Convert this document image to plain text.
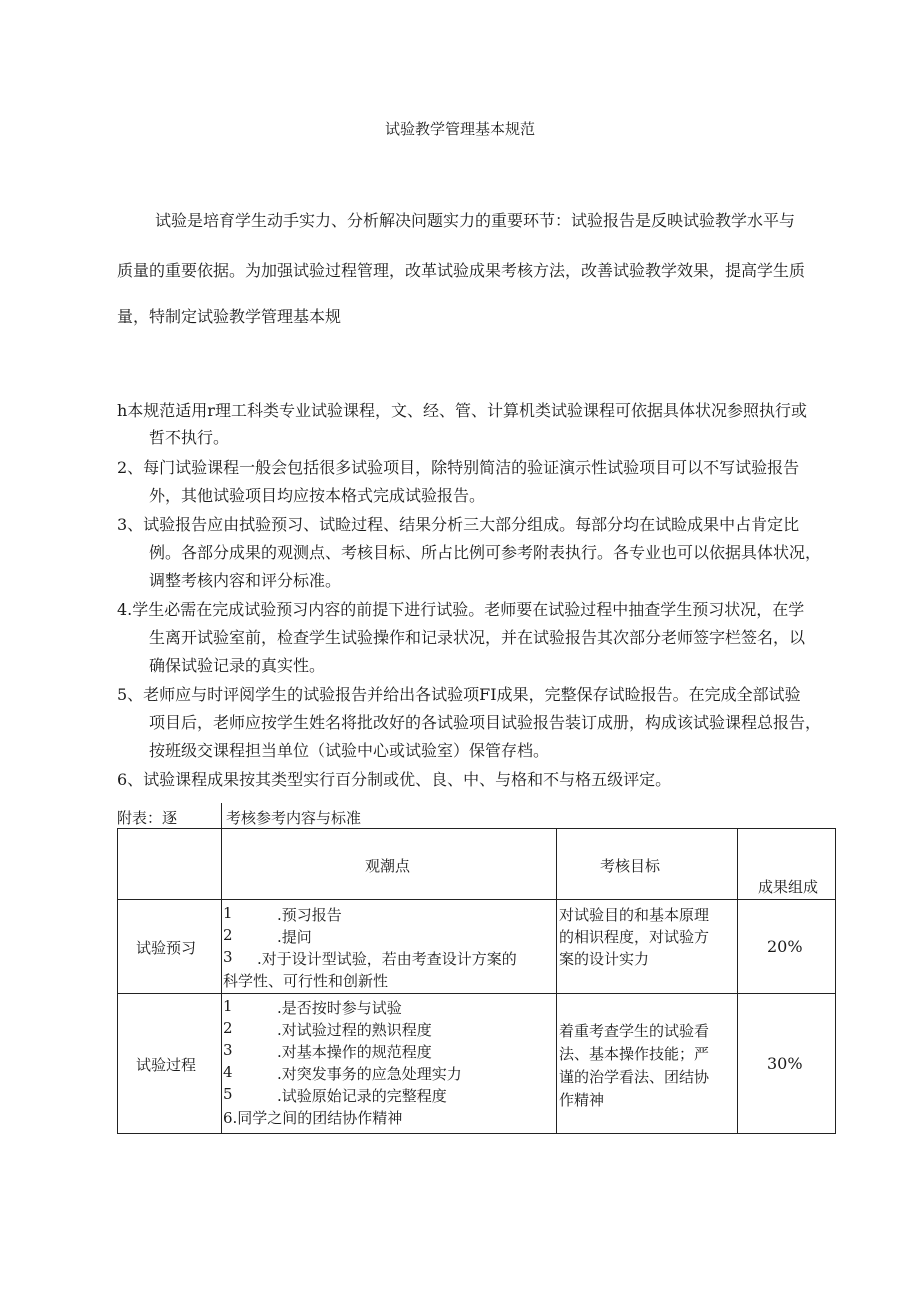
试验教学管理基本规范
试验是培育学生动手实力、分析解决问题实力的重要环节：试验报告是反映试验教学水平与
质量的重要依据。为加强试验过程管理，改革试验成果考核方法，改善试验教学效果，提高学生质
量，特制定试验教学管理基本规
h本规范适用r理工科类专业试验课程，文、经、管、计算机类试验课程可依据具体状况参照执行或
哲不执行。
2、每门试验课程一般会包括很多试验项目，除特别简洁的验证演示性试验项目可以不写试验报告
外，其他试验项目均应按本格式完成试验报告。
3、试验报告应由拭验预习、试睑过程、结果分析三大部分组成。每部分均在试睑成果中占肯定比
例。各部分成果的观测点、考核目标、所占比例可参考附表执行。各专业也可以依据具体状况，
调整考核内容和评分标准。
4.学生必需在完成试验预习内容的前提下进行试验。老师要在试验过程中抽查学生预习状况，在学
生离开试验室前，检查学生试验操作和记录状况，并在试验报告其次部分老师签字栏签名，以
确保试验记录的真实性。
5、老师应与时评阅学生的试验报告并给出各试验项FI成果，完整保存试睑报告。在完成全部试验
项目后，老师应按学生姓名将批改好的各试验项目试验报告装订成册，构成该试验课程总报告，
按班级交课程担当单位（试验中心或试验室）保管存档。
6、试验课程成果按其类型实行百分制或优、良、中、与格和不与格五级评定。
附表：逐	考核参考内容与标准
观潮点	考核目标
成果组成
试验预习
1
2
3
.预习报告
.提问
.对于设计型试验，若由考查设计方案的
科学性、可行性和创新性
对试验目的和基本原理
的相识程度，对试验方
案的设计实力
20%
试验过程
1
2
3
4
5
.是否按时参与试验
.对试验过程的熟识程度
.对基本操作的规范程度
.对突发事务的应急处理实力
.试验原始记录的完整程度
6.同学之间的团结协作精神
着重考查学生的试验看
法、基本操作技能；严
谨的治学看法、团结协
作精神
30%
